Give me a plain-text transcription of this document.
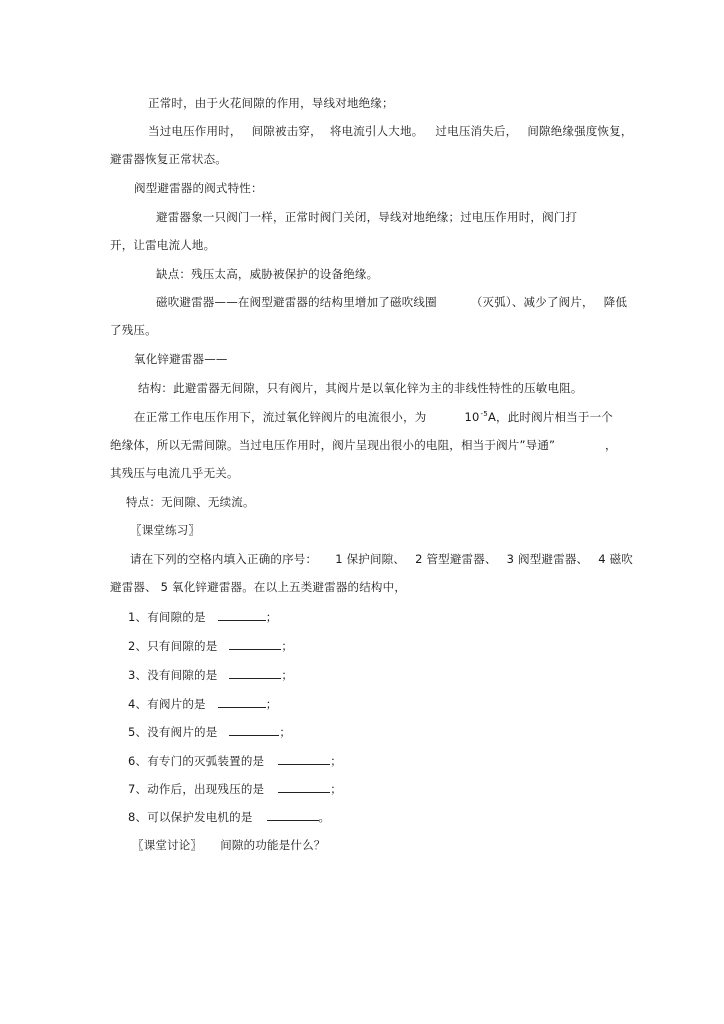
正常时，由于火花间隙的作用，导线对地绝缘；
当过电压作用时， 间隙被击穿， 将电流引人大地。 过电压消失后， 间隙绝缘强度恢复，
避雷器恢复正常状态。
阀型避雷器的阀式特性：
避雷器象一只阀门一样，正常时阀门关闭，导线对地绝缘；过电压作用时，阀门打
开，让雷电流人地。
缺点：残压太高，威胁被保护的设备绝缘。
磁吹避雷器——在阀型避雷器的结构里增加了磁吹线圈	（灭弧）、减少了阀片， 降低
了残压。
氧化锌避雷器——
结构：此避雷器无间隙，只有阀片，其阀片是以氧化锌为主的非线性特性的压敏电阻。
在正常工作电压作用下，流过氧化锌阀片的电流很小，为	$10^{-5}A$，此时阀片相当于一个
绝缘体，所以无需间隙。当过电压作用时，阀片呈现出很小的电阻，相当于阀片”导通”	，
其残压与电流几乎无关。
特点：无间隙、无续流。
〖课堂练习〗
请在下列的空格内填入正确的序号： 1 保护间隙、 2 管型避雷器、 3 阀型避雷器、 4 磁吹
避雷器、 5 氧化锌避雷器。在以上五类避雷器的结构中，
1、有间隙的是	；
2、只有间隙的是	；
3、没有间隙的是	；
4、有阀片的是	；
5、没有阀片的是	；
6、有专门的灭弧装置的是	；
7、动作后，出现残压的是	；
8、可以保护发电机的是	。
〖课堂讨论〗 间隙的功能是什么？
